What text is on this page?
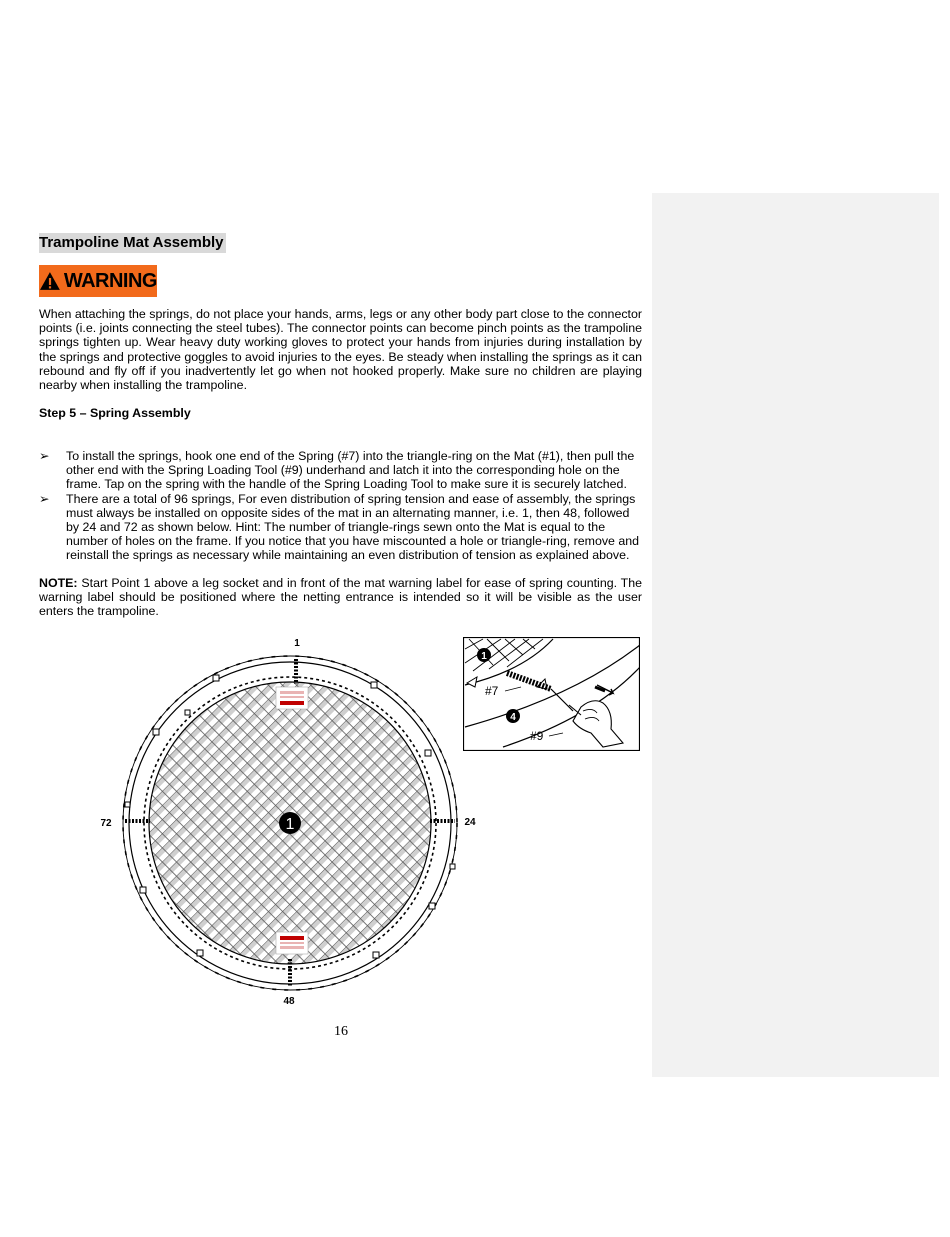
Trampoline Mat Assembly
WARNING
When attaching the springs, do not place your hands, arms, legs or any other body part close to the connector points (i.e. joints connecting the steel tubes). The connector points can become pinch points as the trampoline springs tighten up. Wear heavy duty working gloves to protect your hands from injuries during installation by the springs and protective goggles to avoid injuries to the eyes. Be steady when installing the springs as it can rebound and fly off if you inadvertently let go when not hooked properly. Make sure no children are playing nearby when installing the trampoline.
Step 5 – Spring Assembly

➢ To install the springs, hook one end of the Spring (#7) into the triangle-ring on the Mat (#1), then pull the other end with the Spring Loading Tool (#9) underhand and latch it into the corresponding hole on the frame. Tap on the spring with the handle of the Spring Loading Tool to make sure it is securely latched.

➢ There are a total of 96 springs, For even distribution of spring tension and ease of assembly, the springs must always be installed on opposite sides of the mat in an alternating manner, i.e. 1, then 48, followed by 24 and 72 as shown below. Hint: The number of triangle-rings sewn onto the Mat is equal to the number of holes on the frame. If you notice that you have miscounted a hole or triangle-ring, remove and reinstall the springs as necessary while maintaining an even distribution of tension as explained above.

NOTE: Start Point 1 above a leg socket and in front of the mat warning label for ease of spring counting. The warning label should be positioned where the netting entrance is intended so it will be visible as the user enters the trampoline.
1
1
24
48
72
1
4
#7
#9
16
